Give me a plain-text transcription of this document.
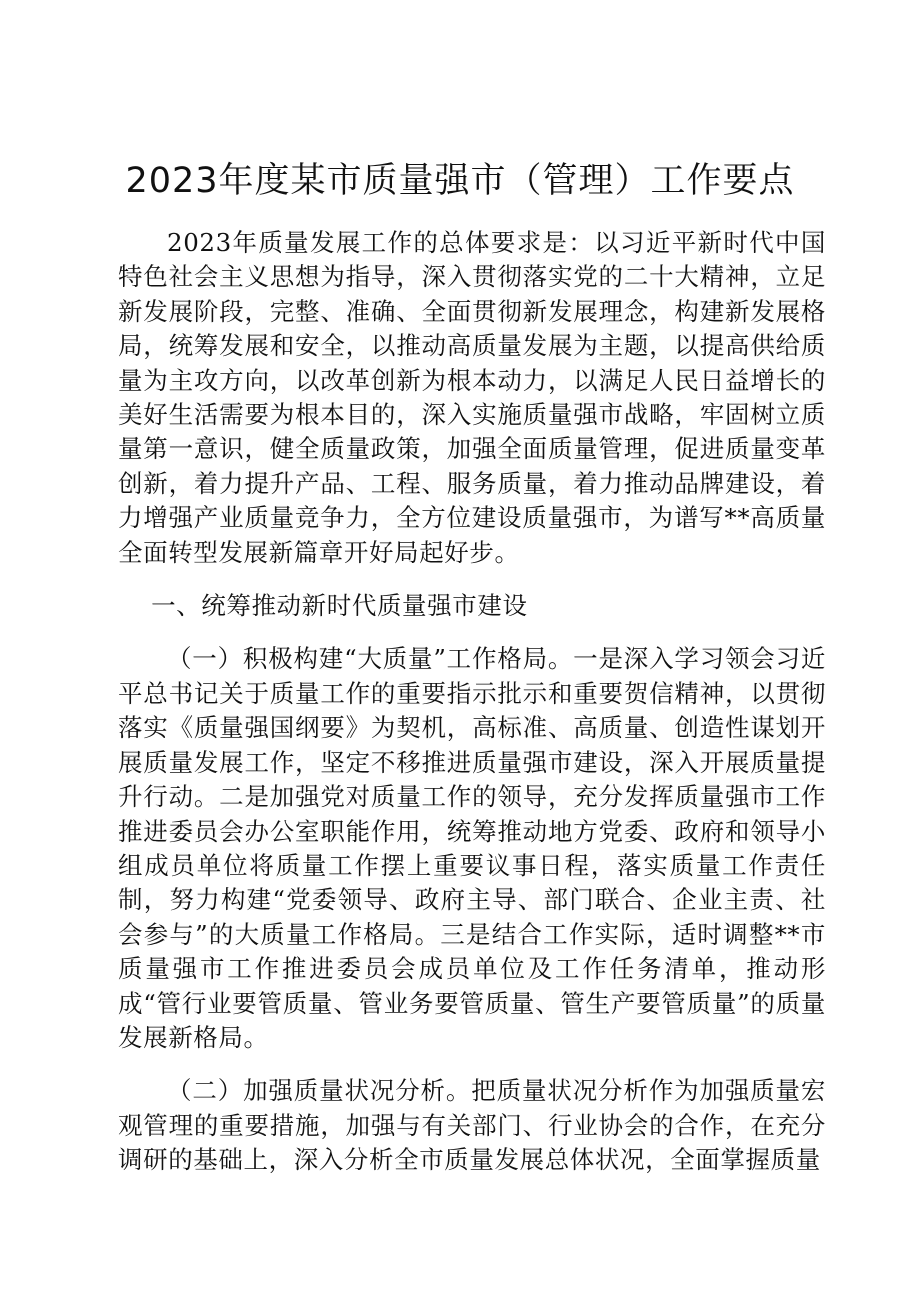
2023年度某市质量强市（管理）工作要点

2023年质量发展工作的总体要求是：以习近平新时代中国特色社会主义思想为指导，深入贯彻落实党的二十大精神，立足新发展阶段，完整、准确、全面贯彻新发展理念，构建新发展格局，统筹发展和安全，以推动高质量发展为主题，以提高供给质量为主攻方向，以改革创新为根本动力，以满足人民日益增长的美好生活需要为根本目的，深入实施质量强市战略，牢固树立质量第一意识，健全质量政策，加强全面质量管理，促进质量变革创新，着力提升产品、工程、服务质量，着力推动品牌建设，着力增强产业质量竞争力，全方位建设质量强市，为谱写**高质量全面转型发展新篇章开好局起好步。

一、统筹推动新时代质量强市建设

（一）积极构建“大质量”工作格局。一是深入学习领会习近平总书记关于质量工作的重要指示批示和重要贺信精神，以贯彻落实《质量强国纲要》为契机，高标准、高质量、创造性谋划开展质量发展工作，坚定不移推进质量强市建设，深入开展质量提升行动。二是加强党对质量工作的领导，充分发挥质量强市工作推进委员会办公室职能作用，统筹推动地方党委、政府和领导小组成员单位将质量工作摆上重要议事日程，落实质量工作责任制，努力构建“党委领导、政府主导、部门联合、企业主责、社会参与”的大质量工作格局。三是结合工作实际，适时调整**市质量强市工作推进委员会成员单位及工作任务清单，推动形成“管行业要管质量、管业务要管质量、管生产要管质量”的质量发展新格局。

（二）加强质量状况分析。把质量状况分析作为加强质量宏观管理的重要措施，加强与有关部门、行业协会的合作，在充分调研的基础上，深入分析全市质量发展总体状况，全面掌握质量
